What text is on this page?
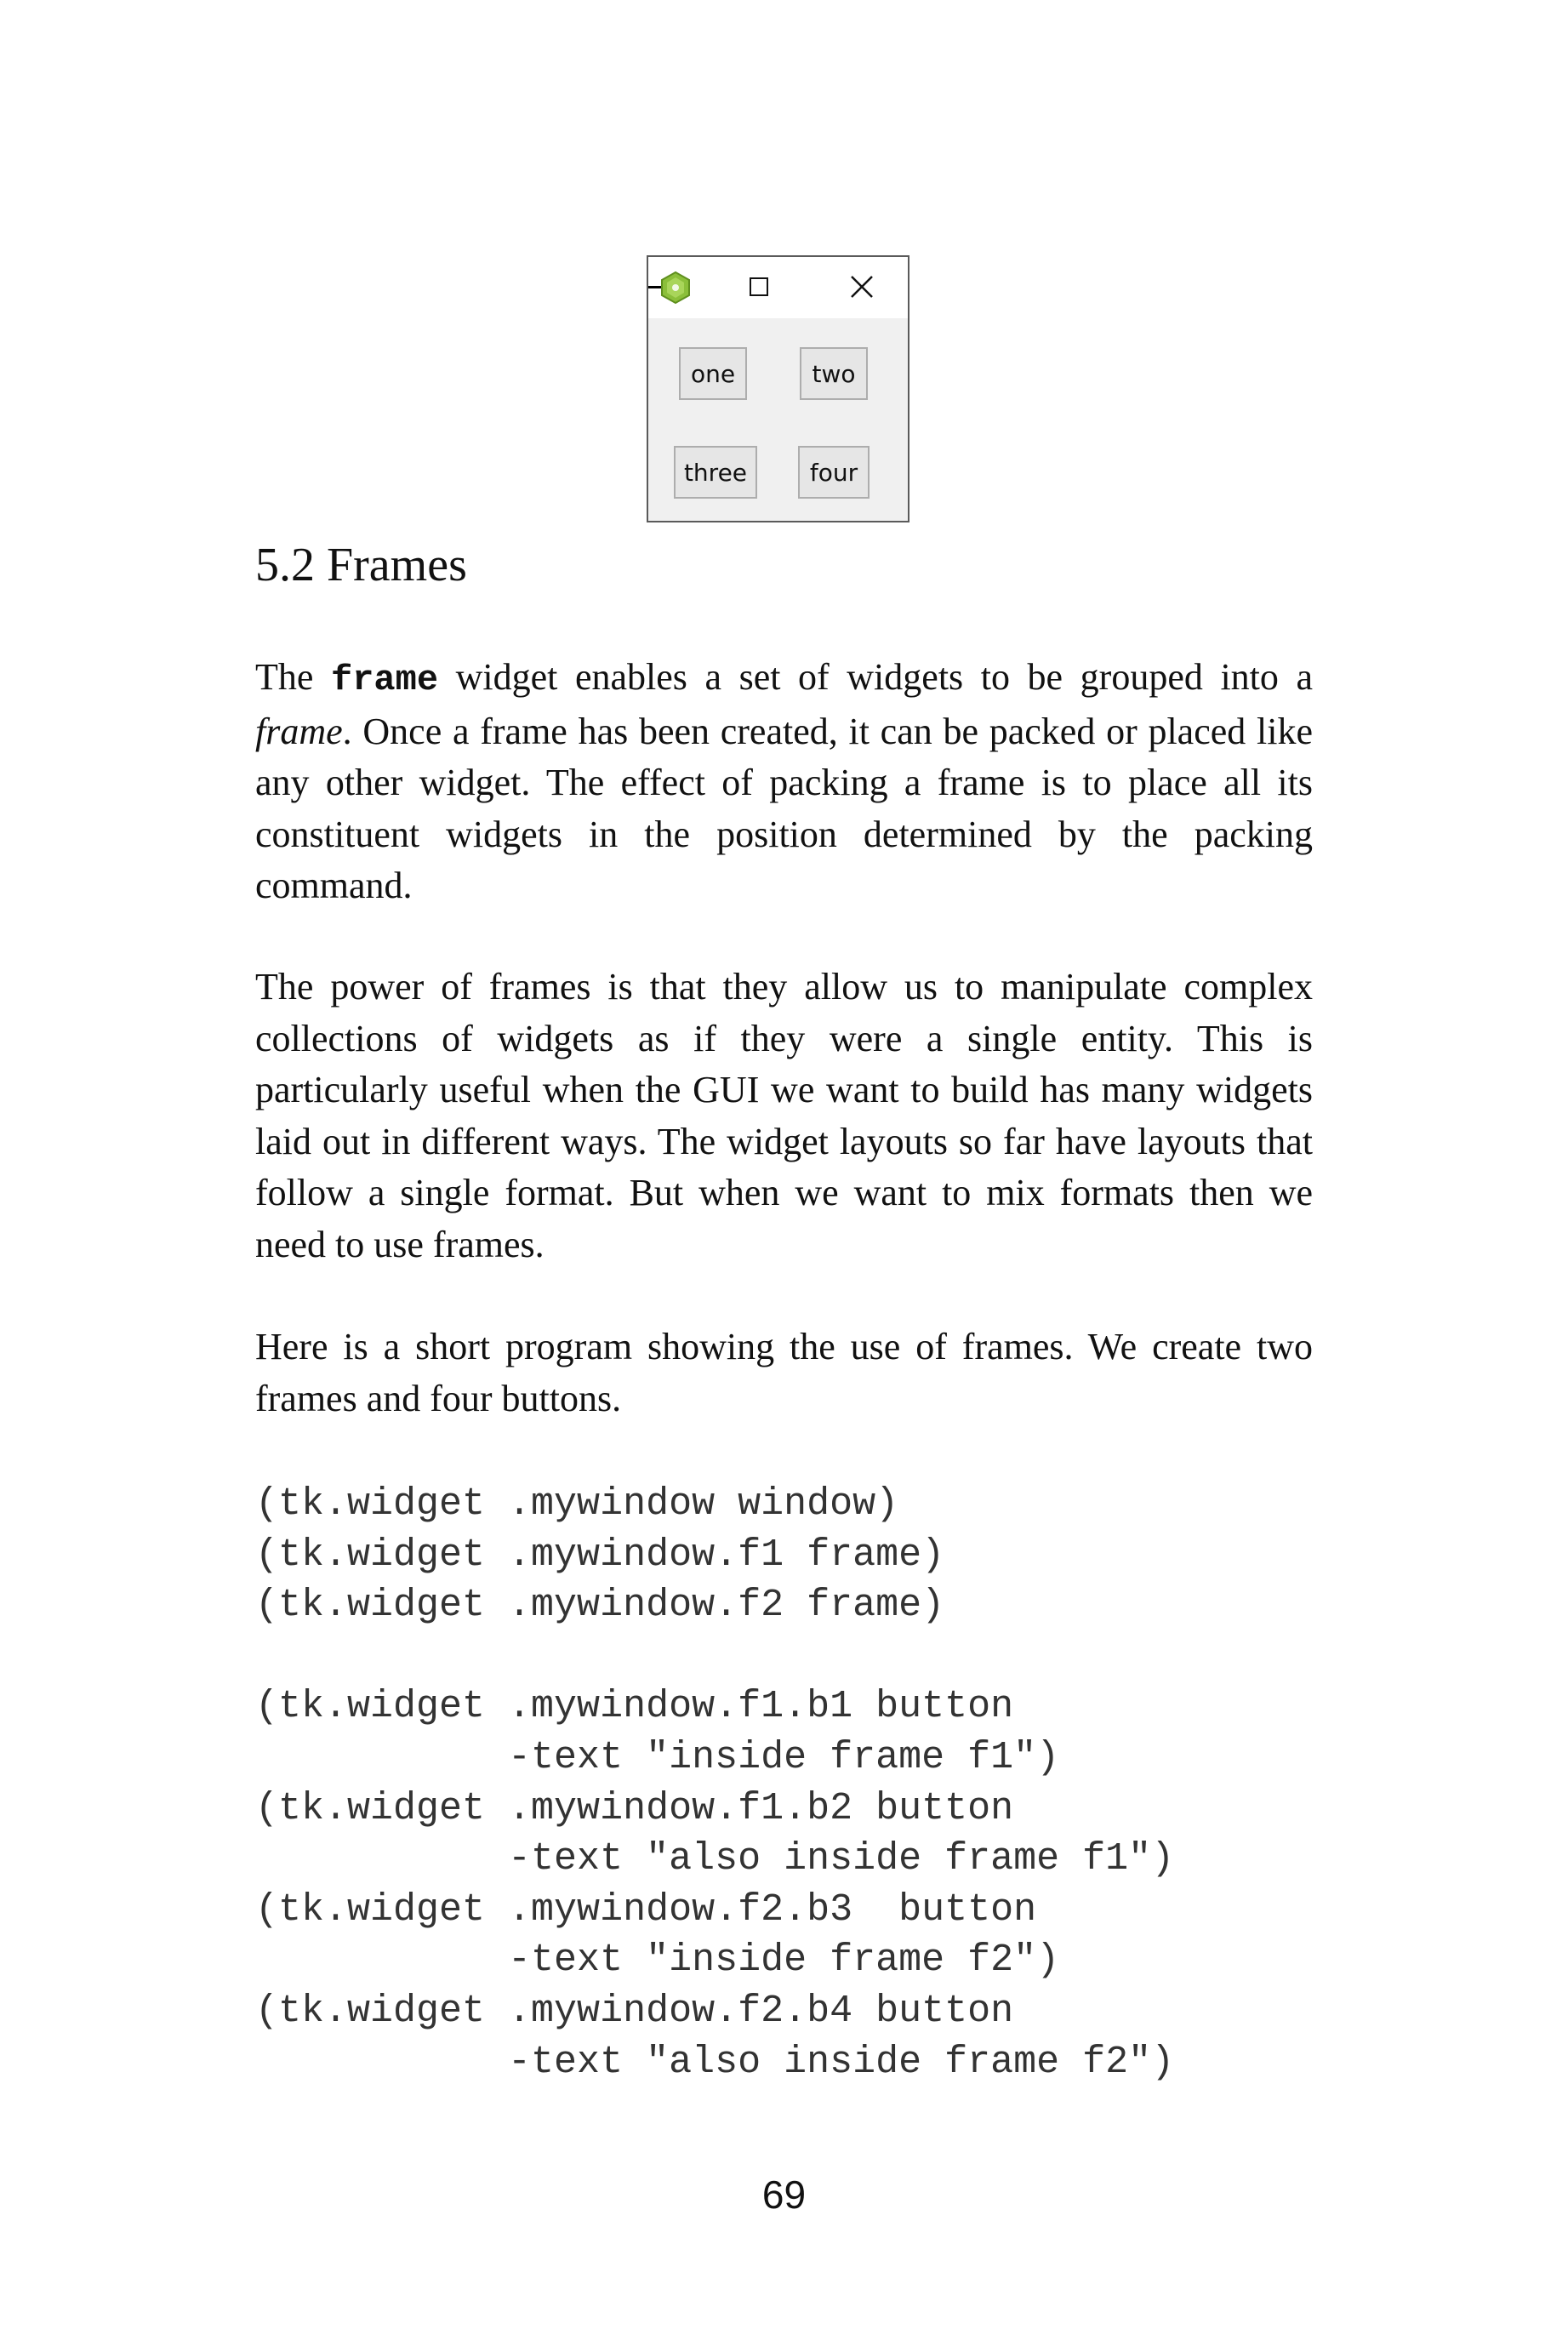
one	two
three	four
5.2 Frames

The frame widget enables a set of widgets to be grouped into a frame. Once a frame has been created, it can be packed or placed like any other widget. The effect of packing a frame is to place all its constituent widgets in the position determined by the packing command.

The power of frames is that they allow us to manipulate complex collections of widgets as if they were a single entity. This is particularly useful when the GUI we want to build has many widgets laid out in different ways. The widget layouts so far have layouts that follow a single format. But when we want to mix formats then we need to use frames.

Here is a short program showing the use of frames. We create two frames and four buttons.

(tk.widget .mywindow window)
(tk.widget .mywindow.f1 frame)
(tk.widget .mywindow.f2 frame)

(tk.widget .mywindow.f1.b1 button
-text "inside frame f1")
(tk.widget .mywindow.f1.b2 button
-text "also inside frame f1")
(tk.widget .mywindow.f2.b3  button
-text "inside frame f2")
(tk.widget .mywindow.f2.b4 button
-text "also inside frame f2")
69
